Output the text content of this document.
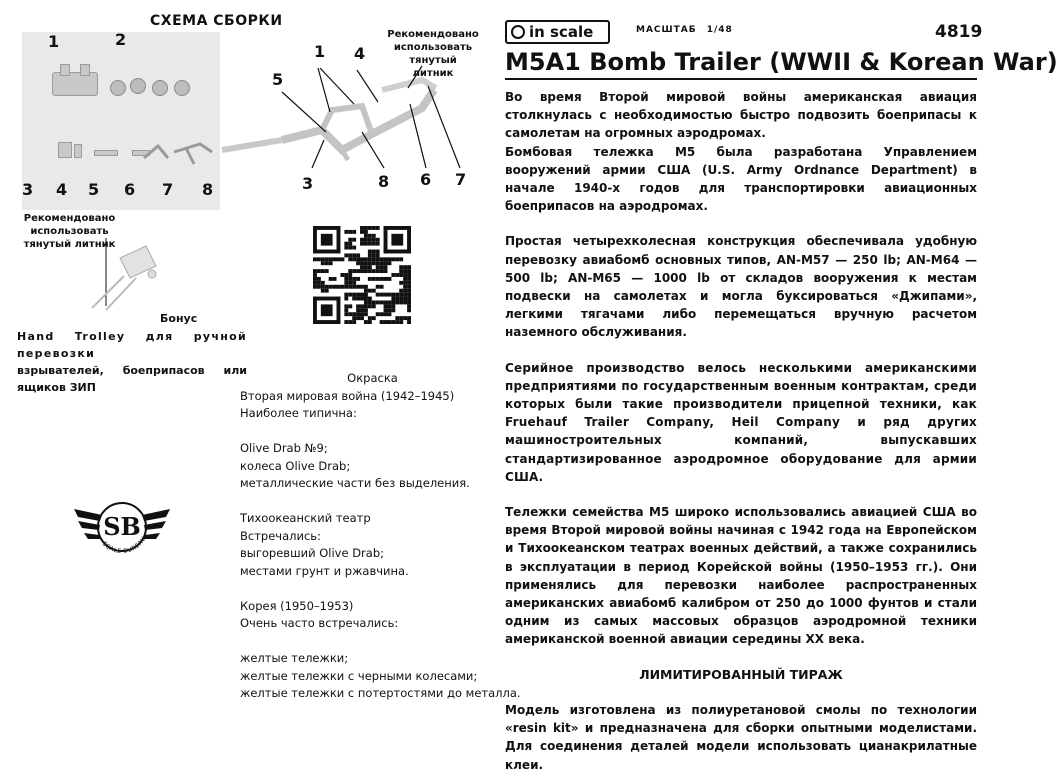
СХЕМА СБОРКИ
1	2
3 4 5 6 7 8
1 4
5
3	8 6 7
Рекомендовано
использовать тянутый
литник
Рекомендовано
использовать
тянутый литник
Бонус
Hand Trolley для ручной перевозки
взрывателей, боеприпасов или ящиков ЗИП
Окраска
Вторая мировая война (1942–1945)
Наиболее типична:

Olive Drab №9;
колеса Olive Drab;
металлические части без выделения.

Тихоокеанский театр
Встречались:
выгоревший Olive Drab;
местами грунт и ржавчина.

Корея (1950–1953)
Очень часто встречались:

желтые тележки;
желтые тележки с черными колесами;
желтые тележки с потертостями до металла.
SB
SCALE BUREAU
in scale	МАСШТАБ 1/48	4819
M5A1 Bomb Trailer (WWII & Korean War)

Во время Второй мировой войны американская авиация столкнулась с необходимостью быстро подвозить боеприпасы к самолетам на огромных аэродромах.

Бомбовая тележка M5 была разработана Управлением вооружений армии США (U.S. Army Ordnance Department) в начале 1940-х годов для транспортировки авиационных боеприпасов на аэродромах.

Простая четырехколесная конструкция обеспечивала удобную перевозку авиабомб основных типов, AN-M57 — 250 lb; AN-M64 — 500 lb; AN-M65 — 1000 lb от складов вооружения к местам подвески на самолетах и могла буксироваться «Джипами», легкими тягачами либо перемещаться вручную расчетом наземного обслуживания.

Серийное производство велось несколькими американскими предприятиями по государственным военным контрактам, среди которых были такие производители прицепной техники, как Fruehauf Trailer Company, Heil Company и ряд других машиностроительных компаний, выпускавших стандартизированное аэродромное оборудование для армии США.

Тележки семейства M5 широко использовались авиацией США во время Второй мировой войны начиная с 1942 года на Европейском и Тихоокеанском театрах военных действий, а также сохранились в эксплуатации в период Корейской войны (1950–1953 гг.). Они применялись для перевозки наиболее распространенных американских авиабомб калибром от 250 до 1000 фунтов и стали одним из самых массовых образцов аэродромной техники американской военной авиации середины XX века.

ЛИМИТИРОВАННЫЙ ТИРАЖ

Модель изготовлена из полиуретановой смолы по технологии «resin kit» и предназначена для сборки опытными моделистами. Для соединения деталей модели использовать цианакрилатные клеи.
